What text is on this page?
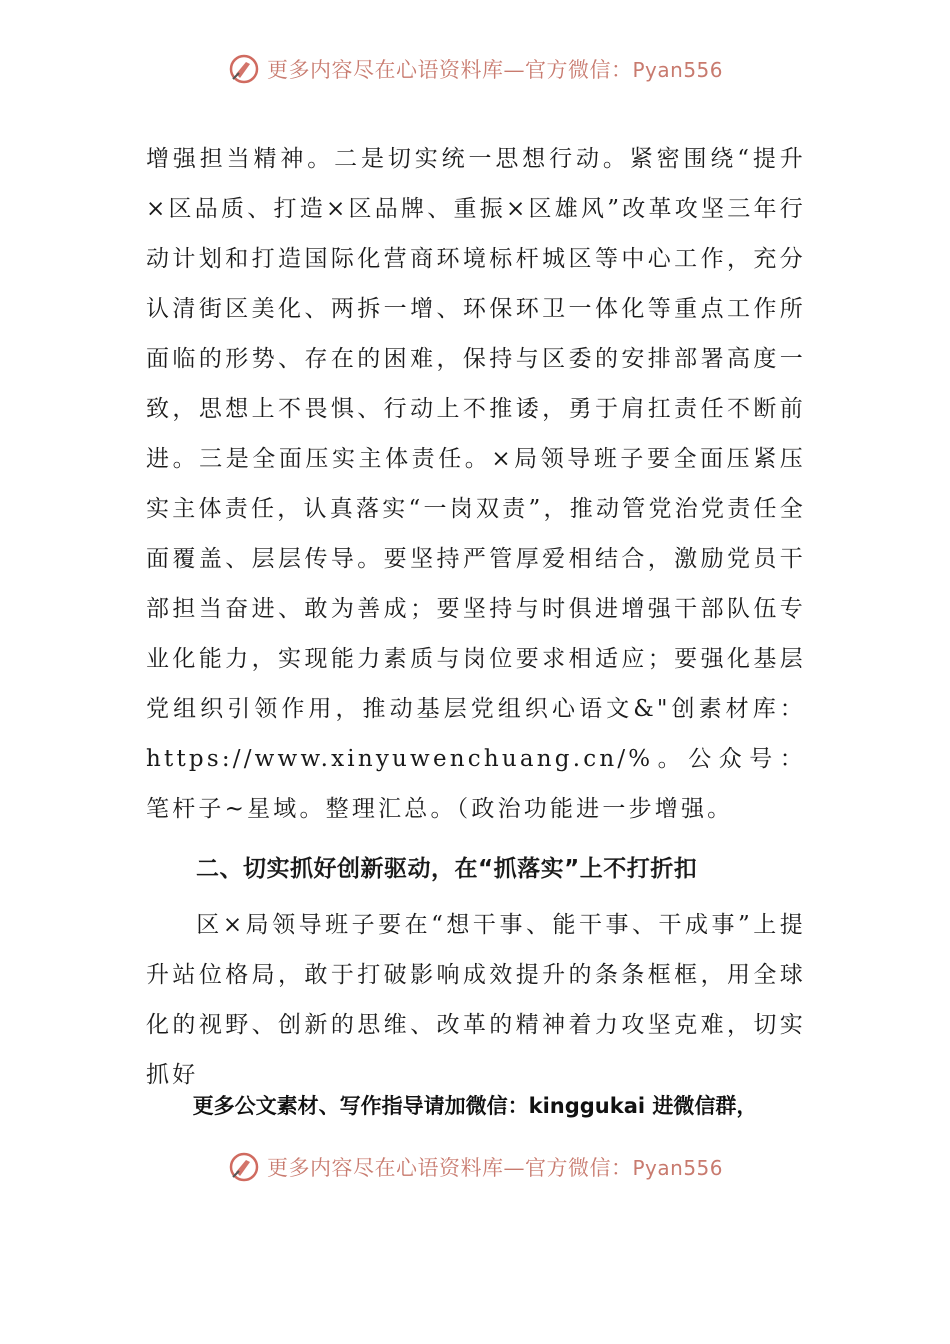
更多内容尽在心语资料库—官方微信：Pyan556

增强担当精神。二是切实统一思想行动。紧密围绕“提升×区品质、打造×区品牌、重振×区雄风”改革攻坚三年行动计划和打造国际化营商环境标杆城区等中心工作，充分认清街区美化、两拆一增、环保环卫一体化等重点工作所面临的形势、存在的困难，保持与区委的安排部署高度一致，思想上不畏惧、行动上不推诿，勇于肩扛责任不断前进。三是全面压实主体责任。×局领导班子要全面压紧压实主体责任，认真落实“一岗双责”，推动管党治党责任全面覆盖、层层传导。要坚持严管厚爱相结合，激励党员干部担当奋进、敢为善成；要坚持与时俱进增强干部队伍专业化能力，实现能力素质与岗位要求相适应；要强化基层党组织引领作用，推动基层党组织心语文&"创素材库：https://www.xinyuwenchuang.cn/%。公众号：笔杆子~星域。整理汇总。（政治功能进一步增强。

二、切实抓好创新驱动，在“抓落实”上不打折扣

区×局领导班子要在“想干事、能干事、干成事”上提升站位格局，敢于打破影响成效提升的条条框框，用全球化的视野、创新的思维、改革的精神着力攻坚克难，切实抓好

更多公文素材、写作指导请加微信：kinggukai 进微信群，
更多内容尽在心语资料库—官方微信：Pyan556
